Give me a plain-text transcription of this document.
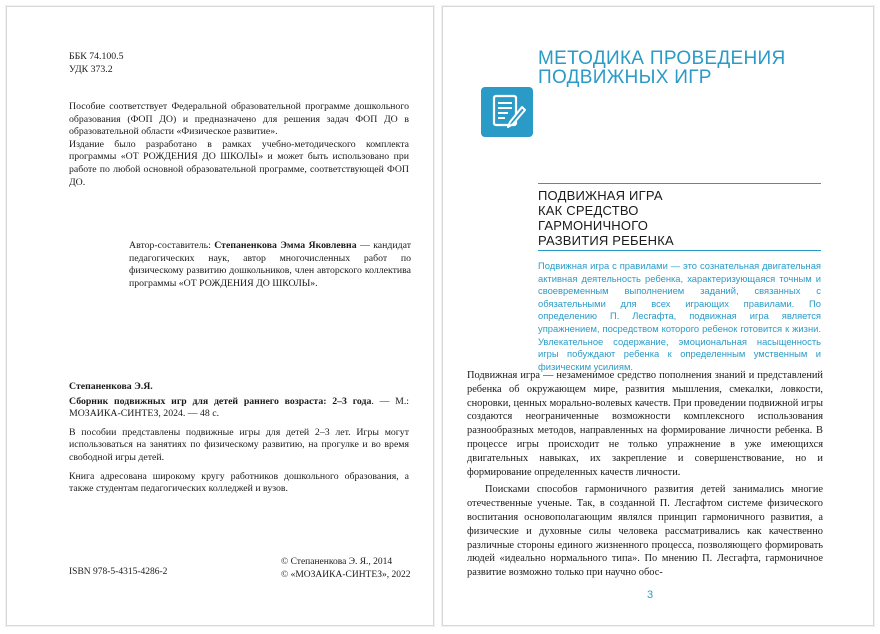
ББК 74.100.5

УДК 373.2

Пособие соответствует Федеральной образовательной программе дошкольного образования (ФОП ДО) и предназначено для решения задач ФОП ДО в образовательной области «Физическое развитие».

Издание было разработано в рамках учебно-методического комплекта программы «ОТ РОЖДЕНИЯ ДО ШКОЛЫ» и может быть использовано при работе по любой основной образовательной программе, соответствующей ФОП ДО.

Автор-составитель: Степаненкова Эмма Яковлевна — кандидат педагогических наук, автор многочисленных работ по физическому развитию дошкольников, член авторского коллектива программы «ОТ РОЖДЕНИЯ ДО ШКОЛЫ».

Степаненкова Э.Я.

Сборник подвижных игр для детей раннего возраста: 2–3 года. — М.: МОЗАИКА-СИНТЕЗ, 2024. — 48 с.

В пособии представлены подвижные игры для детей 2–3 лет. Игры могут использоваться на занятиях по физическому развитию, на прогулке и во время свободной игры детей.

Книга адресована широкому кругу работников дошкольного образования, а также студентам педагогических колледжей и вузов.

ISBN 978-5-4315-4286-2

© Степаненкова Э. Я., 2014

© «МОЗАИКА-СИНТЕЗ», 2022

МЕТОДИКА ПРОВЕДЕНИЯ
ПОДВИЖНЫХ ИГР
ПОДВИЖНАЯ ИГРА
КАК СРЕДСТВО
ГАРМОНИЧНОГО
РАЗВИТИЯ РЕБЕНКА

Подвижная игра с правилами — это сознательная двигательная активная деятельность ребенка, характеризующаяся точным и своевременным выполнением заданий, связанных с обязательными для всех играющих правилами. По определению П. Лесгафта, подвижная игра является упражнением, посредством которого ребенок готовится к жизни. Увлекательное содержание, эмоциональная насыщенность игры побуждают ребенка к определенным умственным и физическим усилиям.

Подвижная игра — незаменимое средство пополнения знаний и представлений ребенка об окружающем мире, развития мышления, смекалки, ловкости, сноровки, ценных морально-волевых качеств. При проведении подвижной игры создаются неограниченные возможности комплексного использования разнообразных методов, направленных на формирование личности ребенка. В процессе игры происходит не только упражнение в уже имеющихся двигательных навыках, их закрепление и совершенствование, но и формирование определенных качеств личности.

Поисками способов гармоничного развития детей занимались многие отечественные ученые. Так, в созданной П. Лесгафтом системе физического воспитания основополагающим являлся принцип гармоничного развития, а физические и духовные силы человека рассматривались как качественно различные стороны единого жизненного процесса, позволяющего формировать людей «идеально нормального типа». По мнению П. Лесгафта, гармоничное развитие возможно только при научно обос-

3
